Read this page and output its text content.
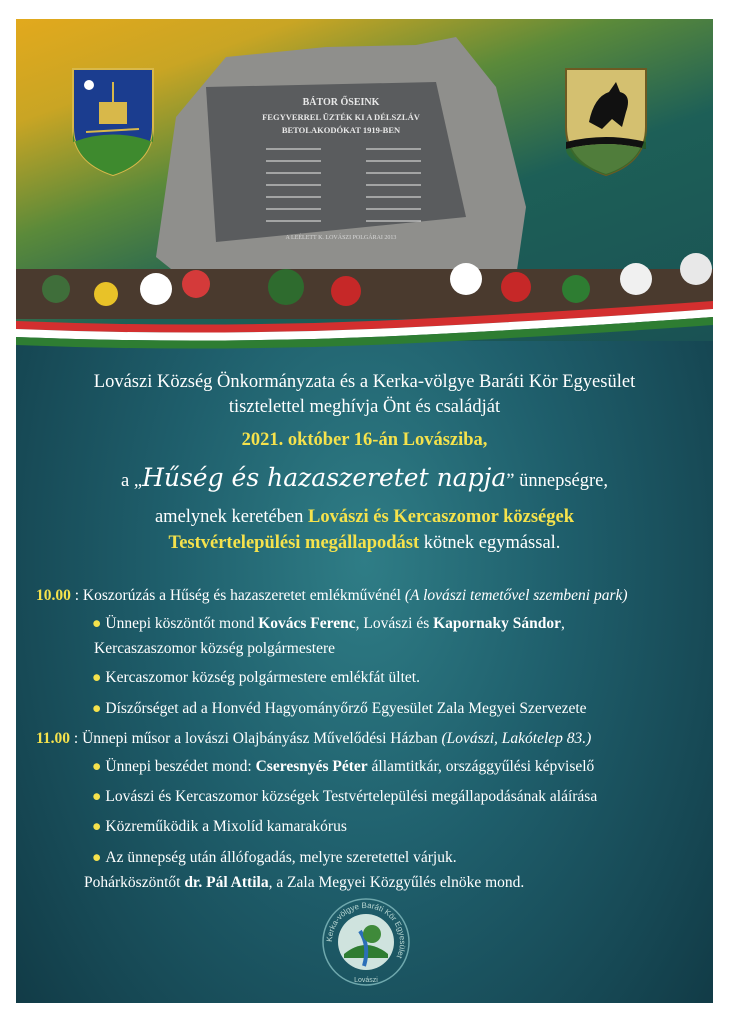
BÁTOR ŐSEINK
FEGYVERREL ÜZTÉK KI A DÉLSZLÁV
BETOLAKODÓKAT 1919-BEN
A LEÉLETT K. LOVÁSZI POLGÁRAI 2013
Lovászi Község Önkormányzata és a Kerka-völgye Baráti Kör Egyesület
tisztelettel meghívja Önt és családját
2021. október 16-án Lovásziba,
a „Hűség és hazaszeretet napja” ünnepségre,
amelynek keretében Lovászi és Kercaszomor községek
Testvértelepülési megállapodást kötnek egymással.
10.00 : Koszorúzás a Hűség és hazaszeretet emlékművénél (A lovászi temetővel szembeni park)
● Ünnepi köszöntőt mond Kovács Ferenc, Lovászi és Kapornaky Sándor,
Kercaszaszomor község polgármestere
● Kercaszomor község polgármestere emlékfát ültet.
● Díszőrséget ad a Honvéd Hagyományőrző Egyesület Zala Megyei Szervezete
11.00 : Ünnepi műsor a lovászi Olajbányász Művelődési Házban (Lovászi, Lakótelep 83.)
● Ünnepi beszédet mond: Cseresnyés Péter államtitkár, országgyűlési képviselő
● Lovászi és Kercaszomor községek Testvértelepülési megállapodásának aláírása
● Közreműködik a Mixolíd kamarakórus
● Az ünnepség után állófogadás, melyre szeretettel várjuk.
Pohárköszöntőt dr. Pál Attila, a Zala Megyei Közgyűlés elnöke mond.
Kerka-völgye Baráti Kör Egyesület
Lovászi
